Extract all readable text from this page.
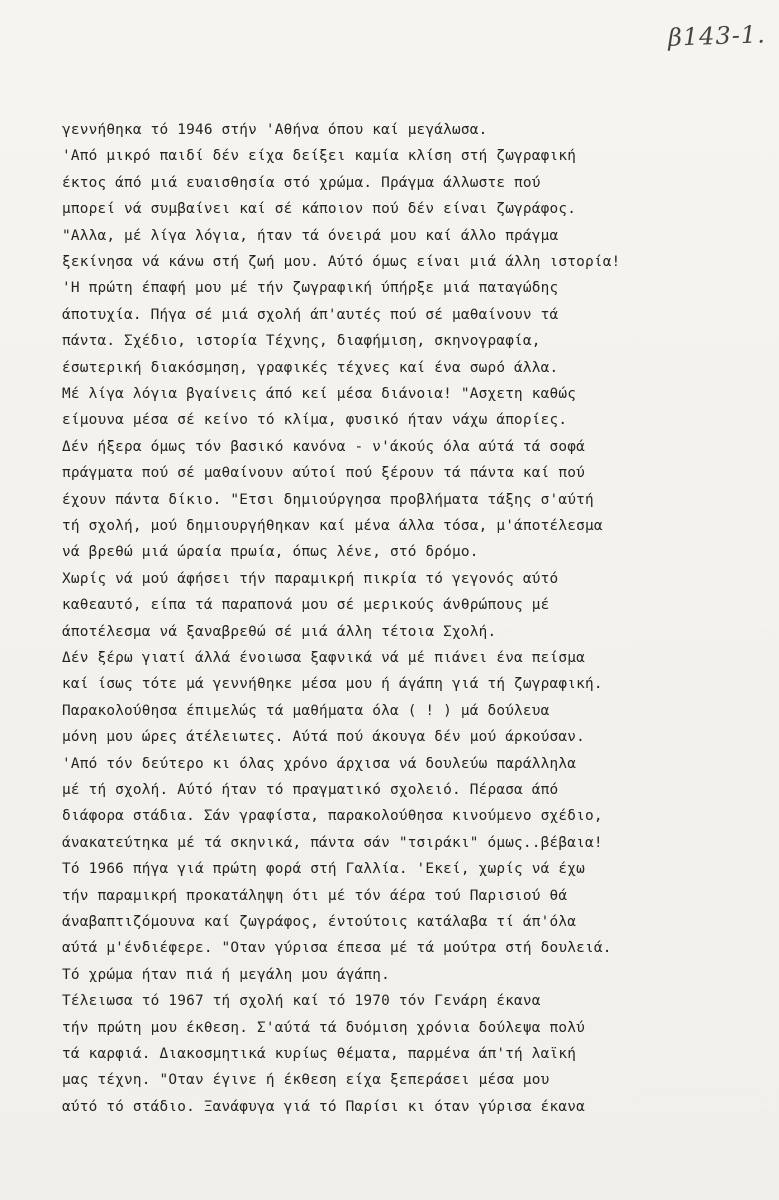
β143-1.
γεννήθηκα τό 1946 στήν 'Αθήνα όπου καί μεγάλωσα.
'Από μικρό παιδί δέν είχα δείξει καμία κλίση στή ζωγραφική
έκτος άπό μιά ευαισθησία στό χρώμα. Πράγμα άλλωστε πού
μπορεί νά συμβαίνει καί σέ κάποιον πού δέν είναι ζωγράφος.
"Αλλα, μέ λίγα λόγια, ήταν τά όνειρά μου καί άλλο πράγμα
ξεκίνησα νά κάνω στή ζωή μου. Αύτό όμως είναι μιά άλλη ιστορία!
'Η πρώτη έπαφή μου μέ τήν ζωγραφική ύπήρξε μιά παταγώδης
άποτυχία. Πήγα σέ μιά σχολή άπ'αυτές πού σέ μαθαίνουν τά
πάντα. Σχέδιο, ιστορία Τέχνης, διαφήμιση, σκηνογραφία,
έσωτερική διακόσμηση, γραφικές τέχνες καί ένα σωρό άλλα.
Μέ λίγα λόγια βγαίνεις άπό κεί μέσα διάνοια! "Ασχετη καθώς
είμουνα μέσα σέ κείνο τό κλίμα, φυσικό ήταν νάχω άπορίες.
Δέν ήξερα όμως τόν βασικό κανόνα - ν'άκούς όλα αύτά τά σοφά
πράγματα πού σέ μαθαίνουν αύτοί πού ξέρουν τά πάντα καί πού
έχουν πάντα δίκιο. "Ετσι δημιούργησα προβλήματα τάξης σ'αύτή
τή σχολή, μού δημιουργήθηκαν καί μένα άλλα τόσα, μ'άποτέλεσμα
νά βρεθώ μιά ώραία πρωία, όπως λένε, στό δρόμο.
Χωρίς νά μού άφήσει τήν παραμικρή πικρία τό γεγονός αύτό
καθεαυτό, είπα τά παραπονά μου σέ μερικούς άνθρώπους μέ
άποτέλεσμα νά ξαναβρεθώ σέ μιά άλλη τέτοια Σχολή.
Δέν ξέρω γιατί άλλά ένοιωσα ξαφνικά νά μέ πιάνει ένα πείσμα
καί ίσως τότε μά γεννήθηκε μέσα μου ή άγάπη γιά τή ζωγραφική.
Παρακολούθησα έπιμελώς τά μαθήματα όλα ( ! ) μά δούλευα
μόνη μου ώρες άτέλειωτες. Αύτά πού άκουγα δέν μού άρκούσαν.
'Από τόν δεύτερο κι όλας χρόνο άρχισα νά δουλεύω παράλληλα
μέ τή σχολή. Αύτό ήταν τό πραγματικό σχολειό. Πέρασα άπό
διάφορα στάδια. Σάν γραφίστα, παρακολούθησα κινούμενο σχέδιο,
άνακατεύτηκα μέ τά σκηνικά, πάντα σάν "τσιράκι" όμως..βέβαια!
Τό 1966 πήγα γιά πρώτη φορά στή Γαλλία. 'Εκεί, χωρίς νά έχω
τήν παραμικρή προκατάληψη ότι μέ τόν άέρα τού Παρισιού θά
άναβαπτιζόμουνα καί ζωγράφος, έντούτοις κατάλαβα τί άπ'όλα
αύτά μ'ένδιέφερε. "Οταν γύρισα έπεσα μέ τά μούτρα στή δουλειά.
Τό χρώμα ήταν πιά ή μεγάλη μου άγάπη.
Τέλειωσα τό 1967 τή σχολή καί τό 1970 τόν Γενάρη έκανα
τήν πρώτη μου έκθεση. Σ'αύτά τά δυόμιση χρόνια δούλεψα πολύ
τά καρφιά. Διακοσμητικά κυρίως θέματα, παρμένα άπ'τή λαϊκή
μας τέχνη. "Οταν έγινε ή έκθεση είχα ξεπεράσει μέσα μου
αύτό τό στάδιο. Ξανάφυγα γιά τό Παρίσι κι όταν γύρισα έκανα
